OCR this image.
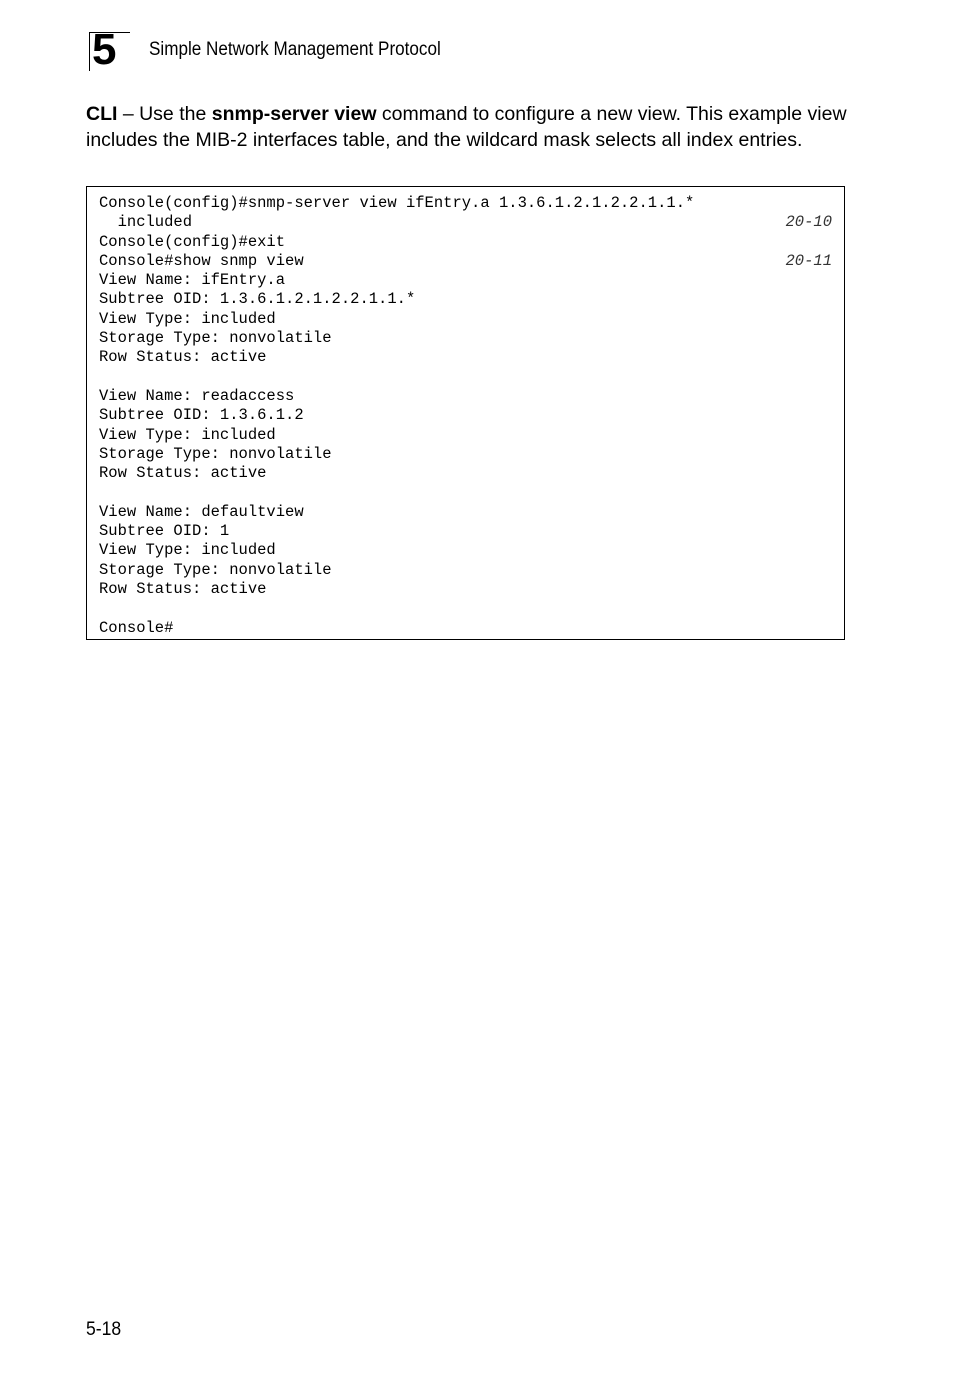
5 Simple Network Management Protocol
CLI – Use the snmp-server view command to configure a new view. This example view includes the MIB-2 interfaces table, and the wildcard mask selects all index entries.
Console(config)#snmp-server view ifEntry.a 1.3.6.1.2.1.2.2.1.1.*
included	20-10
Console(config)#exit
Console#show snmp view	20-11
View Name: ifEntry.a
Subtree OID: 1.3.6.1.2.1.2.2.1.1.*
View Type: included
Storage Type: nonvolatile
Row Status: active
View Name: readaccess
Subtree OID: 1.3.6.1.2
View Type: included
Storage Type: nonvolatile
Row Status: active
View Name: defaultview
Subtree OID: 1
View Type: included
Storage Type: nonvolatile
Row Status: active
Console#
5-18
